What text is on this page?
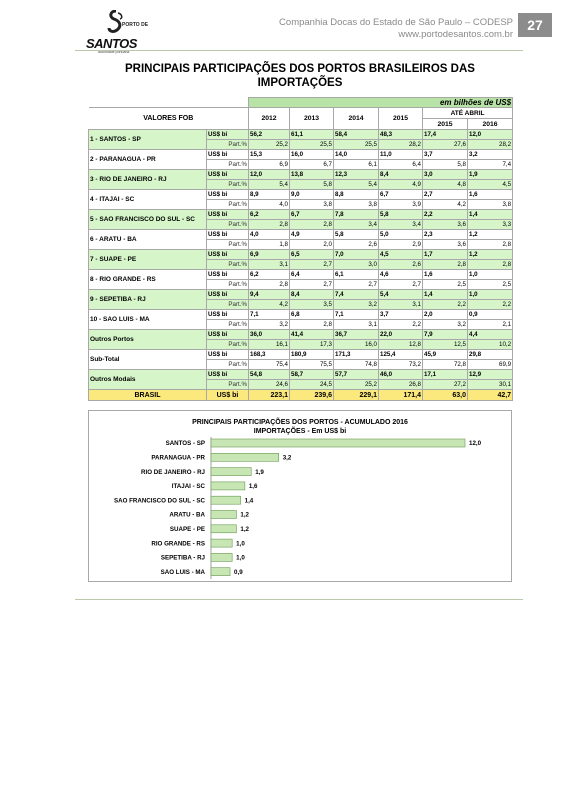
PORTO DE
SANTOS
autoridade portuária
Companhia Docas do Estado de São Paulo – CODESP
www.portodesantos.com.br
27
PRINCIPAIS PARTICIPAÇÕES DOS PORTOS BRASILEIROS DAS IMPORTAÇÕES
		em bilhões de US$					
VALORES FOB		2012	2013	2014	2015	ATÉ ABRIL	
						2015	2016
1 - SANTOS - SP	US$ bi	56,2	61,1	58,4	48,3	17,4	12,0
	Part.%	25,2	25,5	25,5	28,2	27,6	28,2
2 - PARANAGUA - PR	US$ bi	15,3	16,0	14,0	11,0	3,7	3,2
	Part.%	6,9	6,7	6,1	6,4	5,8	7,4
3 - RIO DE JANEIRO - RJ	US$ bi	12,0	13,8	12,3	8,4	3,0	1,9
	Part.%	5,4	5,8	5,4	4,9	4,8	4,5
4 - ITAJAI - SC	US$ bi	8,9	9,0	8,8	6,7	2,7	1,6
	Part.%	4,0	3,8	3,8	3,9	4,2	3,8
5 - SAO FRANCISCO DO SUL - SC	US$ bi	6,2	6,7	7,8	5,8	2,2	1,4
	Part.%	2,8	2,8	3,4	3,4	3,6	3,3
6 - ARATU - BA	US$ bi	4,0	4,9	5,8	5,0	2,3	1,2
	Part.%	1,8	2,0	2,6	2,9	3,6	2,8
7 - SUAPE - PE	US$ bi	6,9	6,5	7,0	4,5	1,7	1,2
	Part.%	3,1	2,7	3,0	2,6	2,8	2,8
8 - RIO GRANDE - RS	US$ bi	6,2	6,4	6,1	4,6	1,6	1,0
	Part.%	2,8	2,7	2,7	2,7	2,5	2,5
9 - SEPETIBA - RJ	US$ bi	9,4	8,4	7,4	5,4	1,4	1,0
	Part.%	4,2	3,5	3,2	3,1	2,2	2,2
10 - SAO LUIS - MA	US$ bi	7,1	6,8	7,1	3,7	2,0	0,9
	Part.%	3,2	2,8	3,1	2,2	3,2	2,1
Outros Portos	US$ bi	36,0	41,4	36,7	22,0	7,9	4,4
	Part.%	16,1	17,3	16,0	12,8	12,5	10,2
Sub-Total	US$ bi	168,3	180,9	171,3	125,4	45,9	29,8
	Part.%	75,4	75,5	74,8	73,2	72,8	69,9
Outros Modais	US$ bi	54,8	58,7	57,7	46,0	17,1	12,9
	Part.%	24,6	24,5	25,2	26,8	27,2	30,1
BRASIL	US$ bi	223,1	239,6	229,1	171,4	63,0	42,7
PRINCIPAIS PARTICIPAÇÕES DOS PORTOS - ACUMULADO 2016
IMPORTAÇÕES - Em US$ bi
SANTOS - SP	12,0
PARANAGUA - PR	3,2
RIO DE JANEIRO - RJ	1,9
ITAJAI - SC	1,6
SAO FRANCISCO DO SUL - SC	1,4
ARATU - BA	1,2
SUAPE - PE	1,2
RIO GRANDE - RS	1,0
SEPETIBA - RJ	1,0
SAO LUIS - MA	0,9
